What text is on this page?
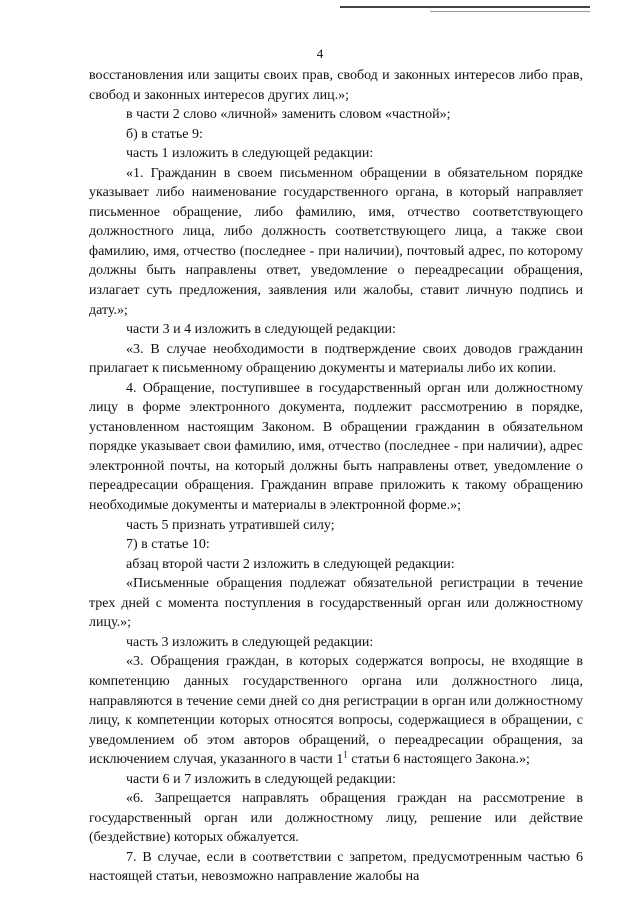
4

восстановления или защиты своих прав, свобод и законных интересов либо прав, свобод и законных интересов других лиц.»;

в части 2 слово «личной» заменить словом «частной»;

б) в статье 9:

часть 1 изложить в следующей редакции:

«1. Гражданин в своем письменном обращении в обязательном порядке указывает либо наименование государственного органа, в который направляет письменное обращение, либо фамилию, имя, отчество соответствующего должностного лица, либо должность соответствующего лица, а также свои фамилию, имя, отчество (последнее - при наличии), почтовый адрес, по которому должны быть направлены ответ, уведомление о переадресации обращения, излагает суть предложения, заявления или жалобы, ставит личную подпись и дату.»;

части 3 и 4 изложить в следующей редакции:

«3. В случае необходимости в подтверждение своих доводов гражданин прилагает к письменному обращению документы и материалы либо их копии.

4. Обращение, поступившее в государственный орган или должностному лицу в форме электронного документа, подлежит рассмотрению в порядке, установленном настоящим Законом. В обращении гражданин в обязательном порядке указывает свои фамилию, имя, отчество (последнее - при наличии), адрес электронной почты, на который должны быть направлены ответ, уведомление о переадресации обращения. Гражданин вправе приложить к такому обращению необходимые документы и материалы в электронной форме.»;

часть 5 признать утратившей силу;

7) в статье 10:

абзац второй части 2 изложить в следующей редакции:

«Письменные обращения подлежат обязательной регистрации в течение трех дней с момента поступления в государственный орган или должностному лицу.»;

часть 3 изложить в следующей редакции:

«3. Обращения граждан, в которых содержатся вопросы, не входящие в компетенцию данных государственного органа или должностного лица, направляются в течение семи дней со дня регистрации в орган или должностному лицу, к компетенции которых относятся вопросы, содержащиеся в обращении, с уведомлением об этом авторов обращений, о переадресации обращения, за исключением случая, указанного в части $1^1$ статьи 6 настоящего Закона.»;

части 6 и 7 изложить в следующей редакции:

«6. Запрещается направлять обращения граждан на рассмотрение в государственный орган или должностному лицу, решение или действие (бездействие) которых обжалуется.

7. В случае, если в соответствии с запретом, предусмотренным частью 6 настоящей статьи, невозможно направление жалобы на
